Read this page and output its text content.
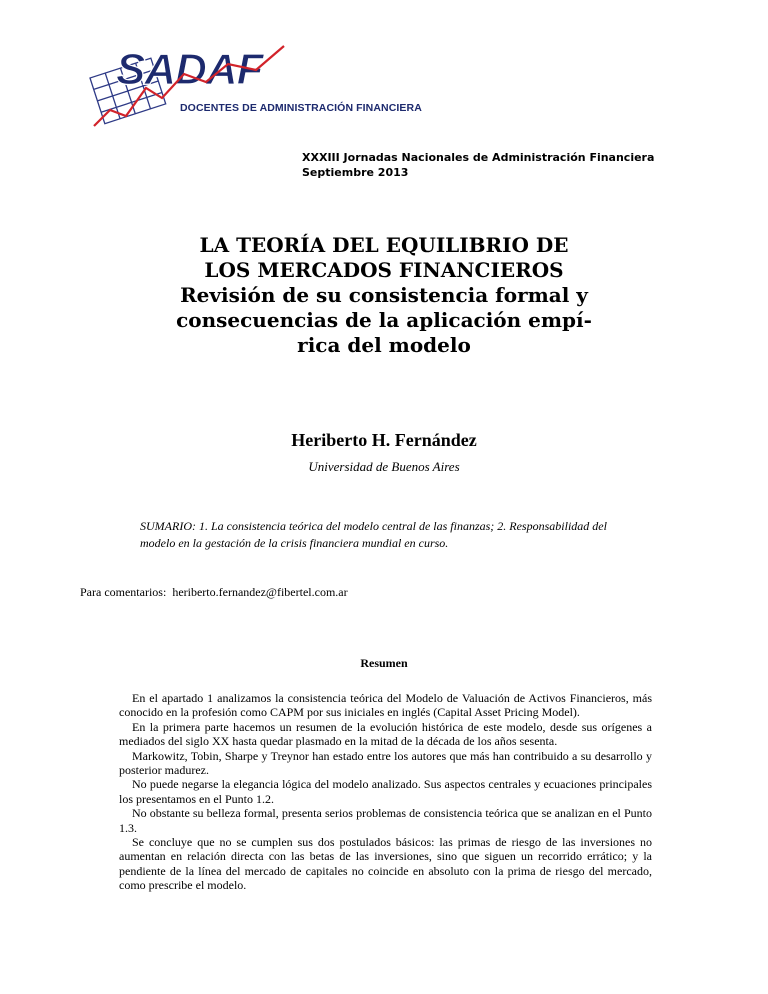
SADAF
DOCENTES DE ADMINISTRACIÓN FINANCIERA
XXXIII Jornadas Nacionales de Administración Financiera
Septiembre 2013
LA TEORÍA DEL EQUILIBRIO DE
LOS MERCADOS FINANCIEROS
Revisión de su consistencia formal y
consecuencias de la aplicación empí-
rica del modelo
Heriberto H. Fernández
Universidad de Buenos Aires
SUMARIO: 1. La consistencia teórica del modelo central de las finanzas; 2. Responsabilidad del modelo en la gestación de la crisis financiera mundial en curso.
Para comentarios: heriberto.fernandez@fibertel.com.ar
Resumen

En el apartado 1 analizamos la consistencia teórica del Modelo de Valuación de Activos Financieros, más conocido en la profesión como CAPM por sus iniciales en inglés (Capital Asset Pricing Model).

En la primera parte hacemos un resumen de la evolución histórica de este modelo, desde sus orígenes a mediados del siglo XX hasta quedar plasmado en la mitad de la década de los años sesenta.

Markowitz, Tobin, Sharpe y Treynor han estado entre los autores que más han contribuido a su desarrollo y posterior madurez.

No puede negarse la elegancia lógica del modelo analizado. Sus aspectos centrales y ecuaciones principales los presentamos en el Punto 1.2.

No obstante su belleza formal, presenta serios problemas de consistencia teórica que se analizan en el Punto 1.3.

Se concluye que no se cumplen sus dos postulados básicos: las primas de riesgo de las inversiones no aumentan en relación directa con las betas de las inversiones, sino que siguen un recorrido errático; y la pendiente de la línea del mercado de capitales no coincide en absoluto con la prima de riesgo del mercado, como prescribe el modelo.
